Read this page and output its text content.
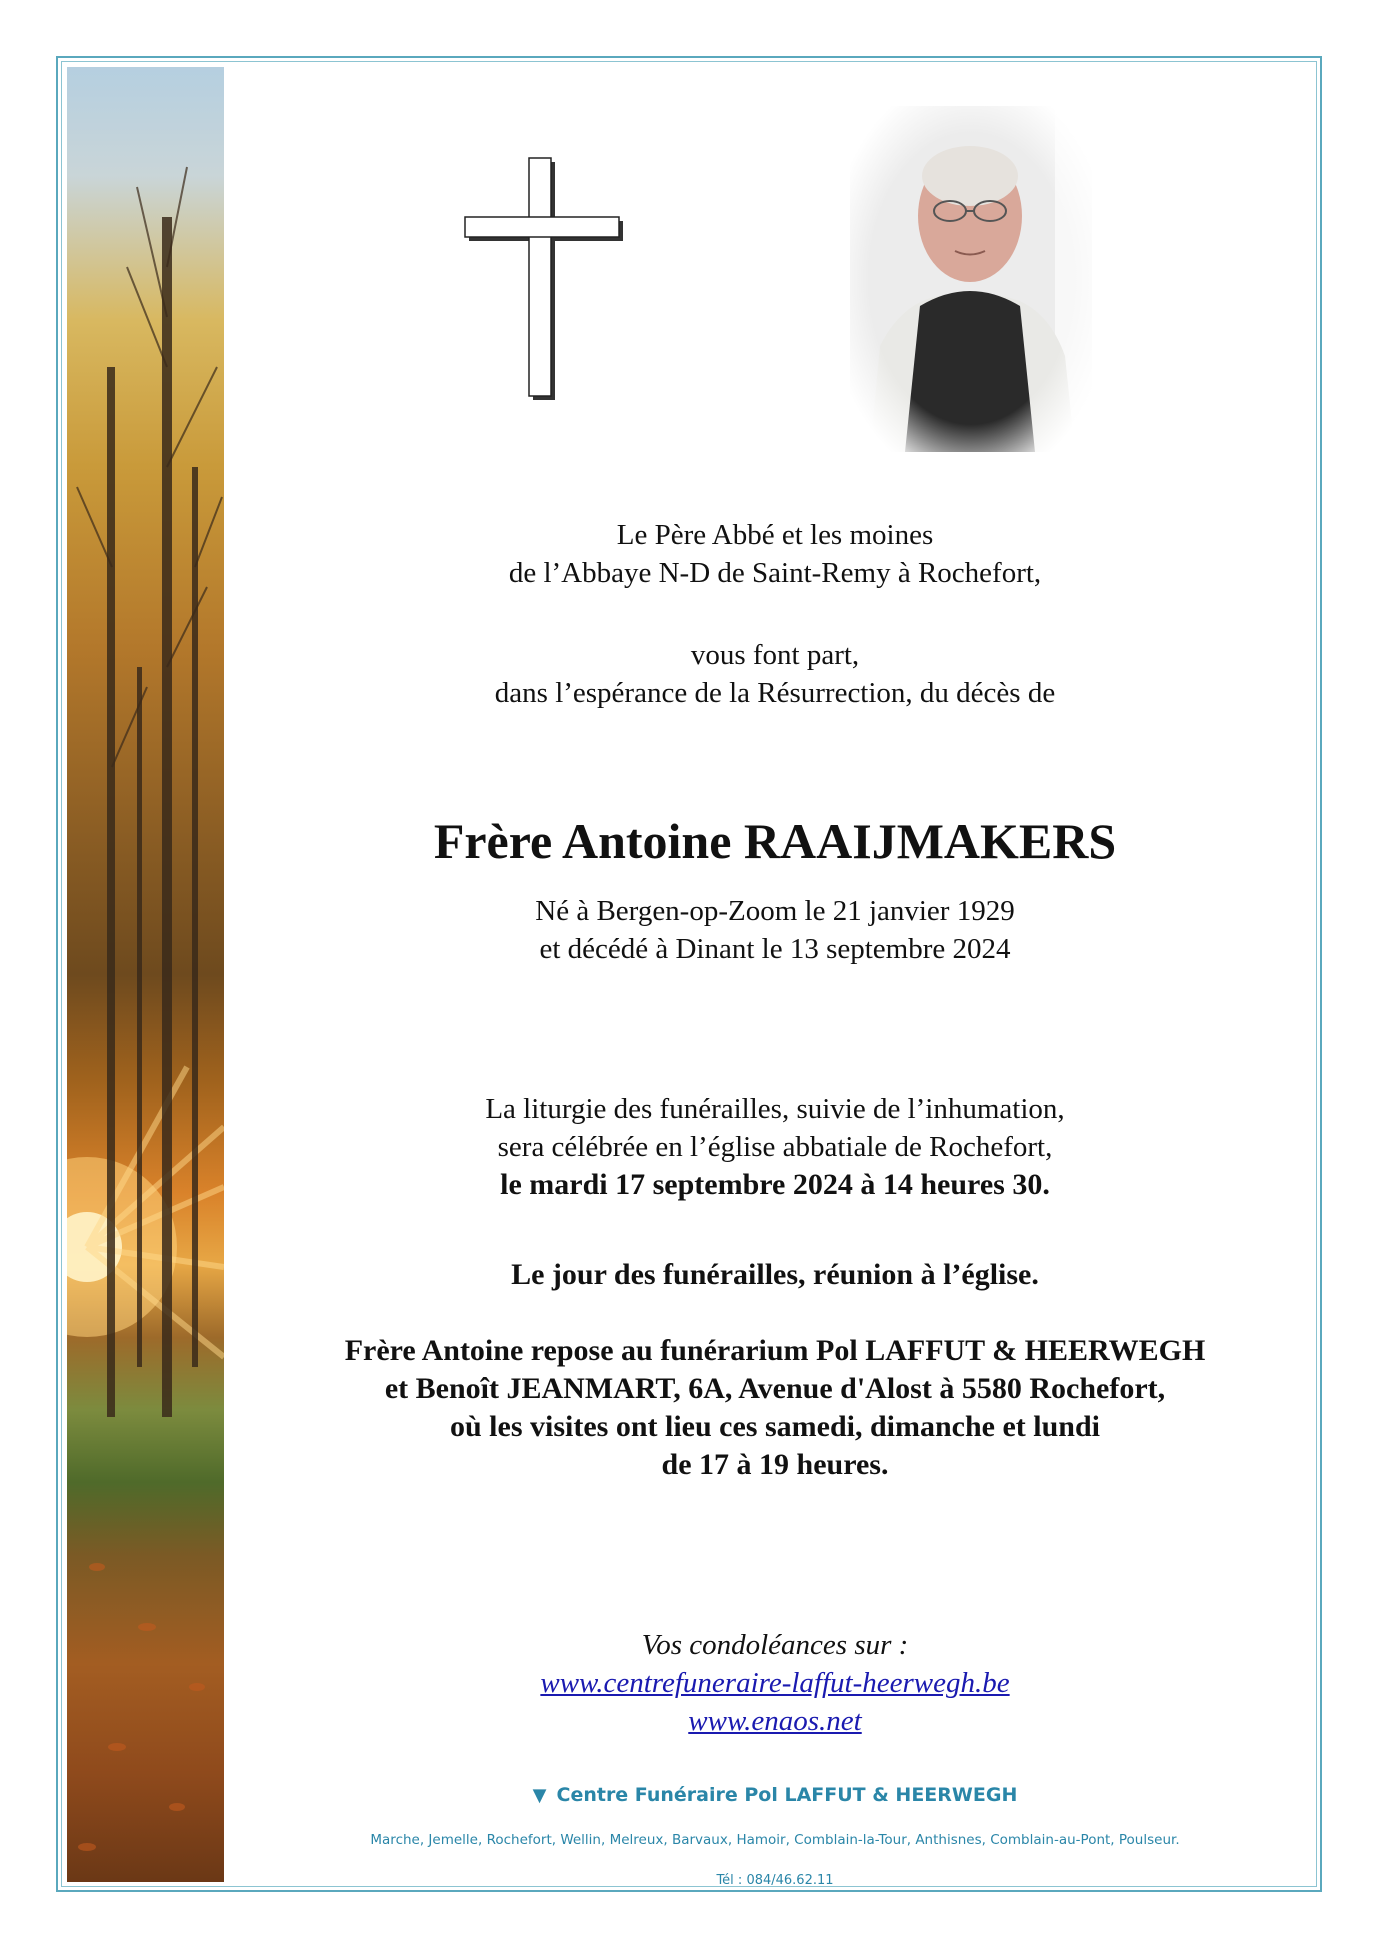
Le Père Abbé et les moines
de l’Abbaye N-D de Saint-Remy à Rochefort,

vous font part,
dans l’espérance de la Résurrection, du décès de

Frère Antoine RAAIJMAKERS

Né à Bergen-op-Zoom le 21 janvier 1929
et décédé à Dinant le 13 septembre 2024

La liturgie des funérailles, suivie de l’inhumation,
sera célébrée en l’église abbatiale de Rochefort,
le mardi 17 septembre 2024 à 14 heures 30.

Le jour des funérailles, réunion à l’église.

Frère Antoine repose au funérarium Pol LAFFUT & HEERWEGH
et Benoît JEANMART, 6A, Avenue d'Alost à 5580 Rochefort,
où les visites ont lieu ces samedi, dimanche et lundi
de 17 à 19 heures.

Vos condoléances sur :
www.centrefuneraire-laffut-heerwegh.be
www.enaos.net

▼ Centre Funéraire Pol LAFFUT & HEERWEGH
Marche, Jemelle, Rochefort, Wellin, Melreux, Barvaux, Hamoir, Comblain-la-Tour, Anthisnes, Comblain-au-Pont, Poulseur.
Tél : 084/46.62.11
